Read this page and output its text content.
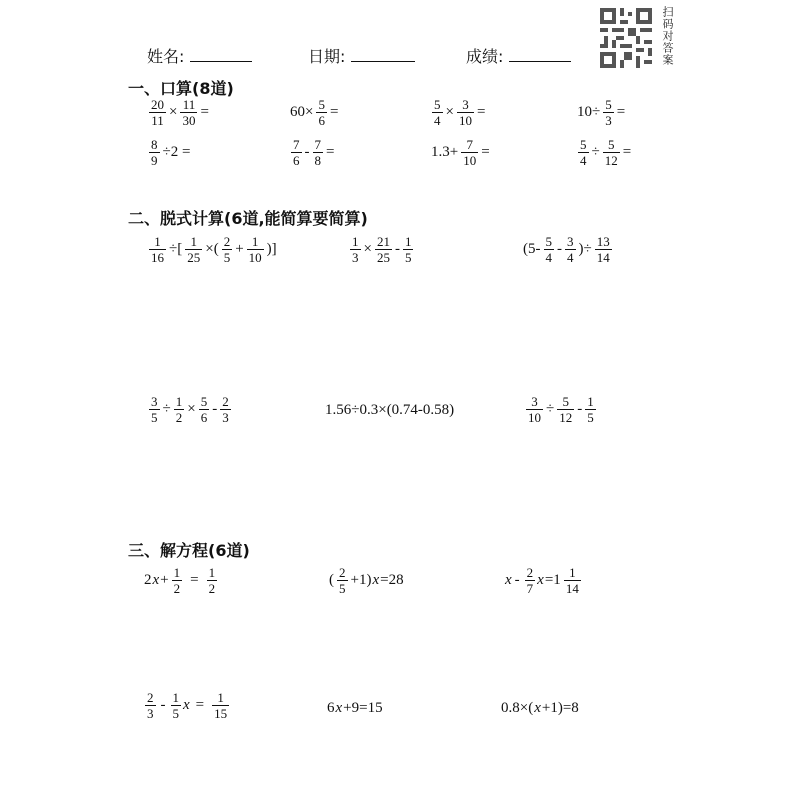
姓名:	日期:	成绩:	扫码对答案
一、口算(8道)
二、脱式计算(6道,能简算要简算)
三、解方程(6道)
$\frac{20}{11} \times \frac{11}{30}$ =	$60\times \frac{5}{6}$ =	$\frac{5}{4} \times \frac{3}{10}$ =	$10\div \frac{5}{3}$ =
$\frac{8}{9} \div 2$ =	$\frac{7}{6} - \frac{7}{8}$ =	$1.3+ \frac{7}{10}$ =	$\frac{5}{4} \div \frac{5}{12}$ =
$\frac{1}{16}$ ÷[ $\frac{1}{25}$ ×( $\frac{2}{5} + \frac{1}{10}$ )]	$\frac{1}{3} \times \frac{21}{25} - \frac{1}{5}$	($5- \frac{5}{4} - \frac{3}{4}$ )÷ $\frac{13}{14}$
$\frac{3}{5} \div \frac{1}{2} \times \frac{5}{6} - \frac{2}{3}$	1.56÷0.3×(0.74-0.58)	$\frac{3}{10} \div \frac{5}{12} - \frac{1}{5}$
2 $x + \frac{1}{2} = \frac{1}{2}$	( $\frac{2}{5} +1$) x =28	x - $\frac{2}{7}$ $x =1 \frac{1}{14}$
$\frac{2}{3} - \frac{1}{5}$ $x = \frac{1}{15}$	6 x +9=15	0.8×( x +1)=8
